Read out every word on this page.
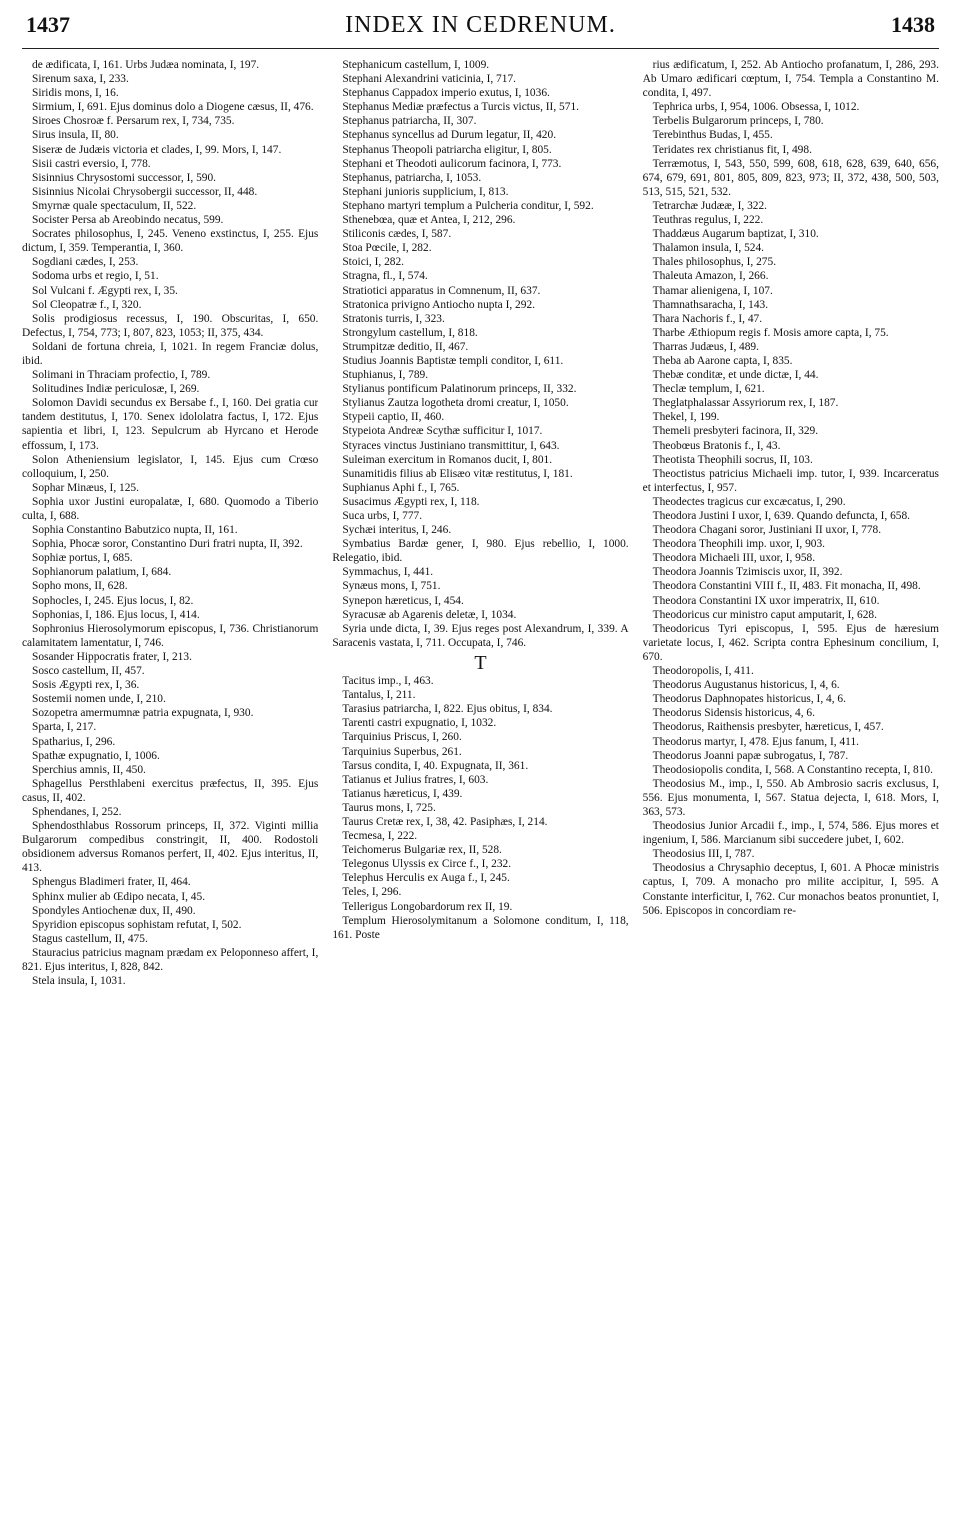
1437	INDEX IN CEDRENUM.	1438

de ædificata, I, 161. Urbs Judæa nominata, I, 197.

Sirenum saxa, I, 233.

Siridis mons, I, 16.

Sirmium, I, 691. Ejus dominus dolo a Diogene cæsus, II, 476.

Siroes Chosroæ f. Persarum rex, I, 734, 735.

Sirus insula, II, 80.

Siseræ de Judæis victoria et clades, I, 99. Mors, I, 147.

Sisii castri eversio, I, 778.

Sisinnius Chrysostomi successor, I, 590.

Sisinnius Nicolai Chrysobergii successor, II, 448.

Smyrnæ quale spectaculum, II, 522.

Socister Persa ab Areobindo necatus, 599.

Socrates philosophus, I, 245. Veneno exstinctus, I, 255. Ejus dictum, I, 359. Temperantia, I, 360.

Sogdiani cædes, I, 253.

Sodoma urbs et regio, I, 51.

Sol Vulcani f. Ægypti rex, I, 35.

Sol Cleopatræ f., I, 320.

Solis prodigiosus recessus, I, 190. Obscuritas, I, 650. Defectus, I, 754, 773; I, 807, 823, 1053; II, 375, 434.

Soldani de fortuna chreia, I, 1021. In regem Franciæ dolus, ibid.

Solimani in Thraciam profectio, I, 789.

Solitudines Indiæ periculosæ, I, 269.

Solomon Davidi secundus ex Bersabe f., I, 160. Dei gratia cur tandem destitutus, I, 170. Senex idololatra factus, I, 172. Ejus sapientia et libri, I, 123. Sepulcrum ab Hyrcano et Herode effossum, I, 173.

Solon Atheniensium legislator, I, 145. Ejus cum Crœso colloquium, I, 250.

Sophar Minæus, I, 125.

Sophia uxor Justini europalatæ, I, 680. Quomodo a Tiberio culta, I, 688.

Sophia Constantino Babutzico nupta, II, 161.

Sophia, Phocæ soror, Constantino Duri fratri nupta, II, 392.

Sophiæ portus, I, 685.

Sophianorum palatium, I, 684.

Sopho mons, II, 628.

Sophocles, I, 245. Ejus locus, I, 82.

Sophonias, I, 186. Ejus locus, I, 414.

Sophronius Hierosolymorum episcopus, I, 736. Christianorum calamitatem lamentatur, I, 746.

Sosander Hippocratis frater, I, 213.

Sosco castellum, II, 457.

Sosis Ægypti rex, I, 36.

Sostemii nomen unde, I, 210.

Sozopetra amermumnæ patria expugnata, I, 930.

Sparta, I, 217.

Spatharius, I, 296.

Spathæ expugnatio, I, 1006.

Sperchius amnis, II, 450.

Sphagellus Persthlabeni exercitus præfectus, II, 395. Ejus casus, II, 402.

Sphendanes, I, 252.

Sphendosthlabus Rossorum princeps, II, 372. Viginti millia Bulgarorum compedibus constringit, II, 400. Rodostoli obsidionem adversus Romanos perfert, II, 402. Ejus interitus, II, 413.

Sphengus Bladimeri frater, II, 464.

Sphinx mulier ab Œdipo necata, I, 45.

Spondyles Antiochenæ dux, II, 490.

Spyridion episcopus sophistam refutat, I, 502.

Stagus castellum, II, 475.

Stauracius patricius magnam prædam ex Peloponneso affert, I, 821. Ejus interitus, I, 828, 842.

Stela insula, I, 1031.

Stephanicum castellum, I, 1009.

Stephani Alexandrini vaticinia, I, 717.

Stephanus Cappadox imperio exutus, I, 1036.

Stephanus Mediæ præfectus a Turcis victus, II, 571.

Stephanus patriarcha, II, 307.

Stephanus syncellus ad Durum legatur, II, 420.

Stephanus Theopoli patriarcha eligitur, I, 805.

Stephani et Theodoti aulicorum facinora, I, 773.

Stephanus, patriarcha, I, 1053.

Stephani junioris supplicium, I, 813.

Stephano martyri templum a Pulcheria conditur, I, 592.

Sthenebœa, quæ et Antea, I, 212, 296.

Stiliconis cædes, I, 587.

Stoa Pœcile, I, 282.

Stoici, I, 282.

Stragna, fl., I, 574.

Stratiotici apparatus in Comnenum, II, 637.

Stratonica privigno Antiocho nupta I, 292.

Stratonis turris, I, 323.

Strongylum castellum, I, 818.

Strumpitzæ deditio, II, 467.

Studius Joannis Baptistæ templi conditor, I, 611.

Stuphianus, I, 789.

Stylianus pontificum Palatinorum princeps, II, 332.

Stylianus Zautza logotheta dromi creatur, I, 1050.

Stypeii captio, II, 460.

Stypeiota Andreæ Scythæ sufficitur I, 1017.

Styraces vinctus Justiniano transmittitur, I, 643.

Suleiman exercitum in Romanos ducit, I, 801.

Sunamitidis filius ab Elisæo vitæ restitutus, I, 181.

Suphianus Aphi f., I, 765.

Susacimus Ægypti rex, I, 118.

Suca urbs, I, 777.

Sychæi interitus, I, 246.

Symbatius Bardæ gener, I, 980. Ejus rebellio, I, 1000. Relegatio, ibid.

Symmachus, I, 441.

Synæus mons, I, 751.

Synepon hæreticus, I, 454.

Syracusæ ab Agarenis deletæ, I, 1034.

Syria unde dicta, I, 39. Ejus reges post Alexandrum, I, 339. A Saracenis vastata, I, 711. Occupata, I, 746.

T

Tacitus imp., I, 463.

Tantalus, I, 211.

Tarasius patriarcha, I, 822. Ejus obitus, I, 834.

Tarenti castri expugnatio, I, 1032.

Tarquinius Priscus, I, 260.

Tarquinius Superbus, 261.

Tarsus condita, I, 40. Expugnata, II, 361.

Tatianus et Julius fratres, I, 603.

Tatianus hæreticus, I, 439.

Taurus mons, I, 725.

Taurus Cretæ rex, I, 38, 42. Pasiphæs, I, 214.

Tecmesa, I, 222.

Teichomerus Bulgariæ rex, II, 528.

Telegonus Ulyssis ex Circe f., I, 232.

Telephus Herculis ex Auga f., I, 245.

Teles, I, 296.

Tellerigus Longobardorum rex II, 19.

Templum Hierosolymitanum a Solomone conditum, I, 118, 161. Poste

rius ædificatum, I, 252. Ab Antiocho profanatum, I, 286, 293. Ab Umaro ædificari cœptum, I, 754. Templa a Constantino M. condita, I, 497.

Tephrica urbs, I, 954, 1006. Obsessa, I, 1012.

Terbelis Bulgarorum princeps, I, 780.

Terebinthus Budas, I, 455.

Teridates rex christianus fit, I, 498.

Terræmotus, I, 543, 550, 599, 608, 618, 628, 639, 640, 656, 674, 679, 691, 801, 805, 809, 823, 973; II, 372, 438, 500, 503, 513, 515, 521, 532.

Tetrarchæ Judææ, I, 322.

Teuthras regulus, I, 222.

Thaddæus Augarum baptizat, I, 310.

Thalamon insula, I, 524.

Thales philosophus, I, 275.

Thaleuta Amazon, I, 266.

Thamar alienigena, I, 107.

Thamnathsaracha, I, 143.

Thara Nachoris f., I, 47.

Tharbe Æthiopum regis f. Mosis amore capta, I, 75.

Tharras Judæus, I, 489.

Theba ab Aarone capta, I, 835.

Thebæ conditæ, et unde dictæ, I, 44.

Theclæ templum, I, 621.

Theglatphalassar Assyriorum rex, I, 187.

Thekel, I, 199.

Themeli presbyteri facinora, II, 329.

Theobœus Bratonis f., I, 43.

Theotista Theophili socrus, II, 103.

Theoctistus patricius Michaeli imp. tutor, I, 939. Incarceratus et interfectus, I, 957.

Theodectes tragicus cur excæcatus, I, 290.

Theodora Justini I uxor, I, 639. Quando defuncta, I, 658.

Theodora Chagani soror, Justiniani II uxor, I, 778.

Theodora Theophili imp. uxor, I, 903.

Theodora Michaeli III, uxor, I, 958.

Theodora Joannis Tzimiscis uxor, II, 392.

Theodora Constantini VIII f., II, 483. Fit monacha, II, 498.

Theodora Constantini IX uxor imperatrix, II, 610.

Theodoricus cur ministro caput amputarit, I, 628.

Theodoricus Tyri episcopus, I, 595. Ejus de hæresium varietate locus, I, 462. Scripta contra Ephesinum concilium, I, 670.

Theodoropolis, I, 411.

Theodorus Augustanus historicus, I, 4, 6.

Theodorus Daphnopates historicus, I, 4, 6.

Theodorus Sidensis historicus, 4, 6.

Theodorus, Raithensis presbyter, hæreticus, I, 457.

Theodorus martyr, I, 478. Ejus fanum, I, 411.

Theodorus Joanni papæ subrogatus, I, 787.

Theodosiopolis condita, I, 568. A Constantino recepta, I, 810.

Theodosius M., imp., I, 550. Ab Ambrosio sacris exclusus, I, 556. Ejus monumenta, I, 567. Statua dejecta, I, 618. Mors, I, 363, 573.

Theodosius Junior Arcadii f., imp., I, 574, 586. Ejus mores et ingenium, I, 586. Marcianum sibi succedere jubet, I, 602.

Theodosius III, I, 787.

Theodosius a Chrysaphio deceptus, I, 601. A Phocæ ministris captus, I, 709. A monacho pro milite accipitur, I, 595. A Constante interficitur, I, 762. Cur monachos beatos pronuntiet, I, 506. Episcopos in concordiam re-
